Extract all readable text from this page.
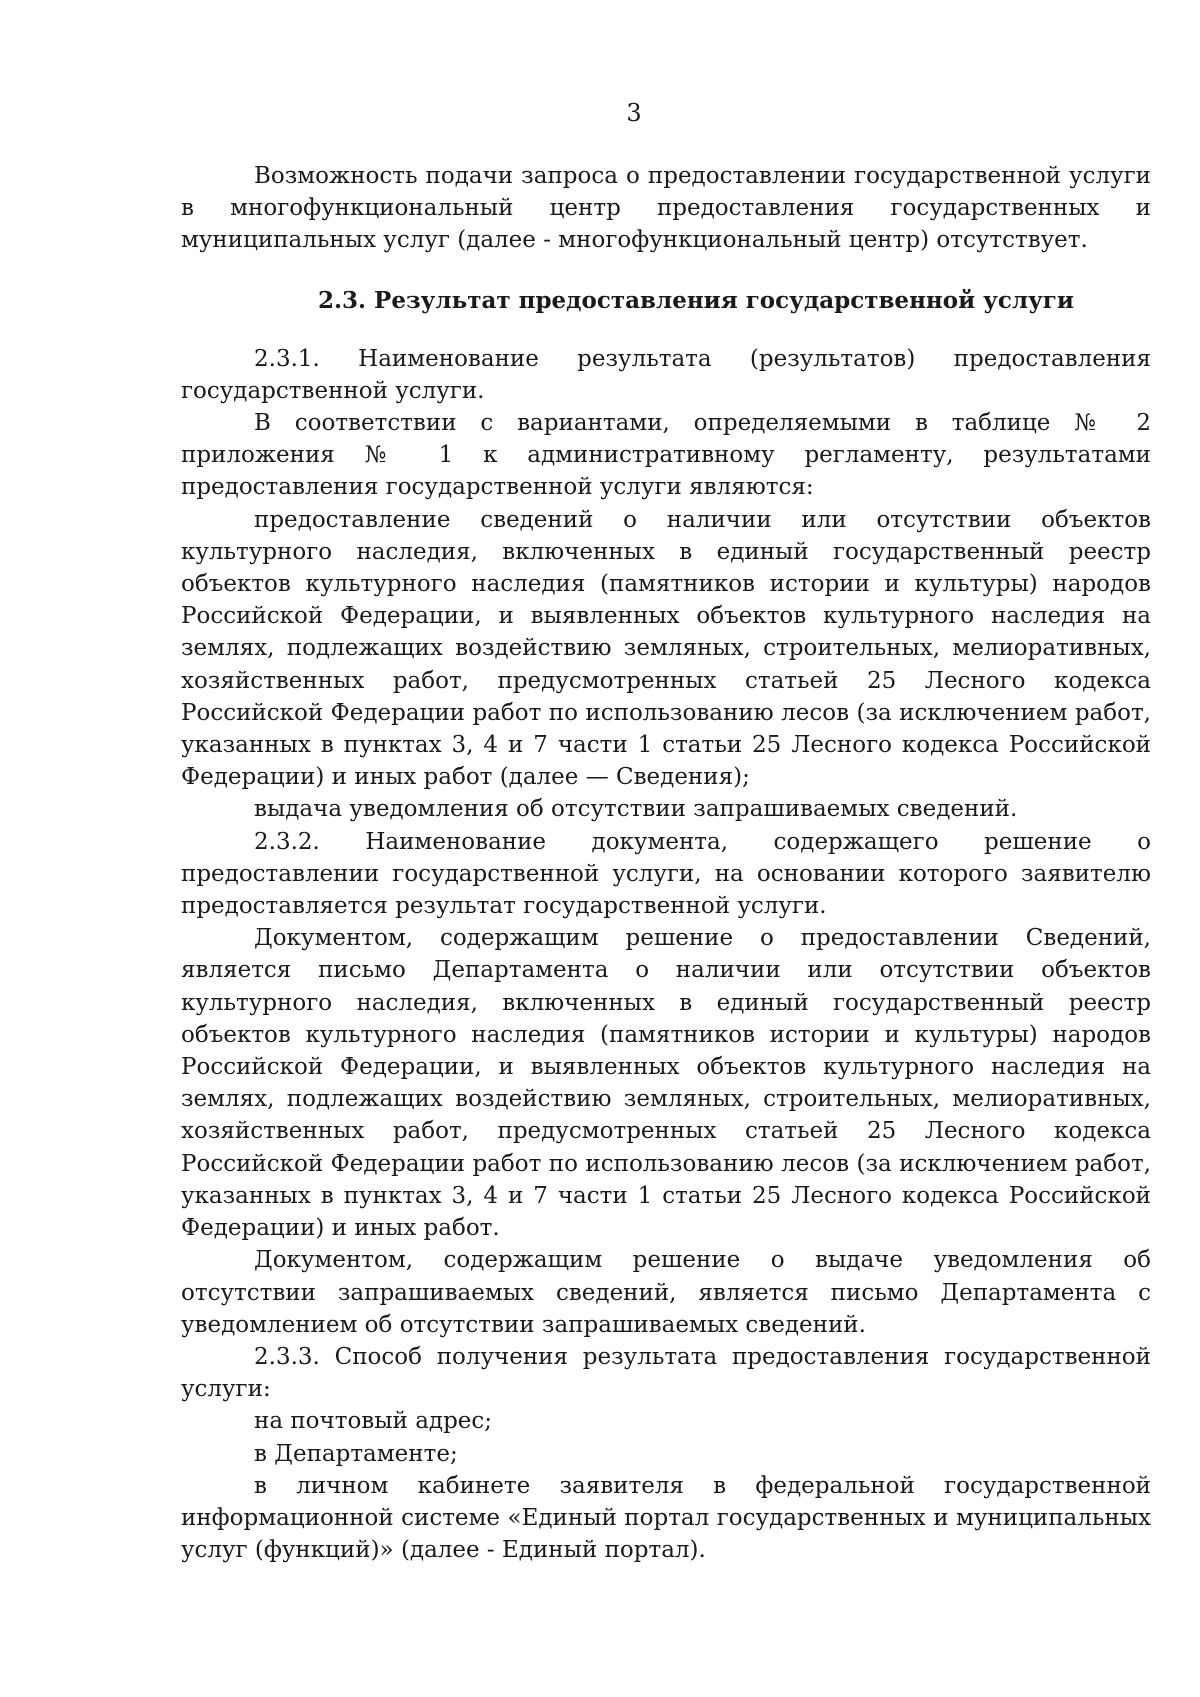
3

Возможность подачи запроса о предоставлении государственной услуги в многофункциональный центр предоставления государственных и муниципальных услуг (далее - многофункциональный центр) отсутствует.

2.3. Результат предоставления государственной услуги

2.3.1. Наименование результата (результатов) предоставления государственной услуги.

В соответствии с вариантами, определяемыми в таблице № 2 приложения № 1 к административному регламенту, результатами предоставления государственной услуги являются:

предоставление сведений о наличии или отсутствии объектов культурного наследия, включенных в единый государственный реестр объектов культурного наследия (памятников истории и культуры) народов Российской Федерации, и выявленных объектов культурного наследия на землях, подлежащих воздействию земляных, строительных, мелиоративных, хозяйственных работ, предусмотренных статьей 25 Лесного кодекса Российской Федерации работ по использованию лесов (за исключением работ, указанных в пунктах 3, 4 и 7 части 1 статьи 25 Лесного кодекса Российской Федерации) и иных работ (далее — Сведения);

выдача уведомления об отсутствии запрашиваемых сведений.

2.3.2. Наименование документа, содержащего решение о предоставлении государственной услуги, на основании которого заявителю предоставляется результат государственной услуги.

Документом, содержащим решение о предоставлении Сведений, является письмо Департамента о наличии или отсутствии объектов культурного наследия, включенных в единый государственный реестр объектов культурного наследия (памятников истории и культуры) народов Российской Федерации, и выявленных объектов культурного наследия на землях, подлежащих воздействию земляных, строительных, мелиоративных, хозяйственных работ, предусмотренных статьей 25 Лесного кодекса Российской Федерации работ по использованию лесов (за исключением работ, указанных в пунктах 3, 4 и 7 части 1 статьи 25 Лесного кодекса Российской Федерации) и иных работ.

Документом, содержащим решение о выдаче уведомления об отсутствии запрашиваемых сведений, является письмо Департамента с уведомлением об отсутствии запрашиваемых сведений.

2.3.3. Способ получения результата предоставления государственной услуги:

на почтовый адрес;

в Департаменте;

в личном кабинете заявителя в федеральной государственной информационной системе «Единый портал государственных и муниципальных услуг (функций)» (далее - Единый портал).
